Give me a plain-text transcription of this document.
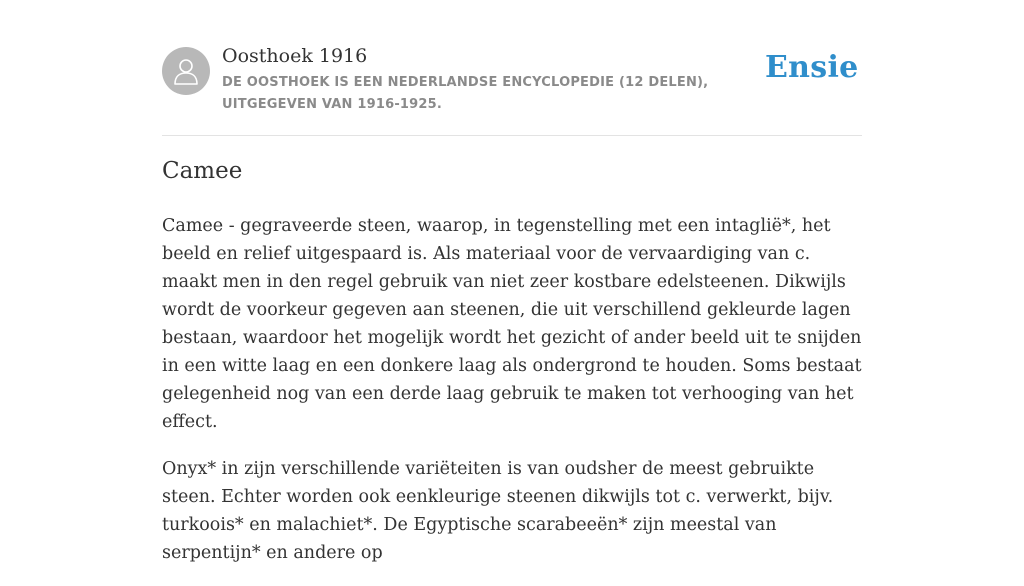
Oosthoek 1916
DE OOSTHOEK IS EEN NEDERLANDSE ENCYCLOPEDIE (12 DELEN), UITGEGEVEN VAN 1916-1925.
Ensie
Camee

Camee - gegraveerde steen, waarop, in tegenstelling met een intaglië*, het beeld en relief uitgespaard is. Als materiaal voor de vervaardiging van c. maakt men in den regel gebruik van niet zeer kostbare edelsteenen. Dikwijls wordt de voorkeur gegeven aan steenen, die uit verschillend gekleurde lagen bestaan, waardoor het mogelijk wordt het gezicht of ander beeld uit te snijden in een witte laag en een donkere laag als ondergrond te houden. Soms bestaat gelegenheid nog van een derde laag gebruik te maken tot verhooging van het effect.

Onyx* in zijn verschillende variëteiten is van oudsher de meest gebruikte steen. Echter worden ook eenkleurige steenen dikwijls tot c. verwerkt, bijv. turkoois* en malachiet*. De Egyptische scarabeeën* zijn meestal van serpentijn* en andere op
